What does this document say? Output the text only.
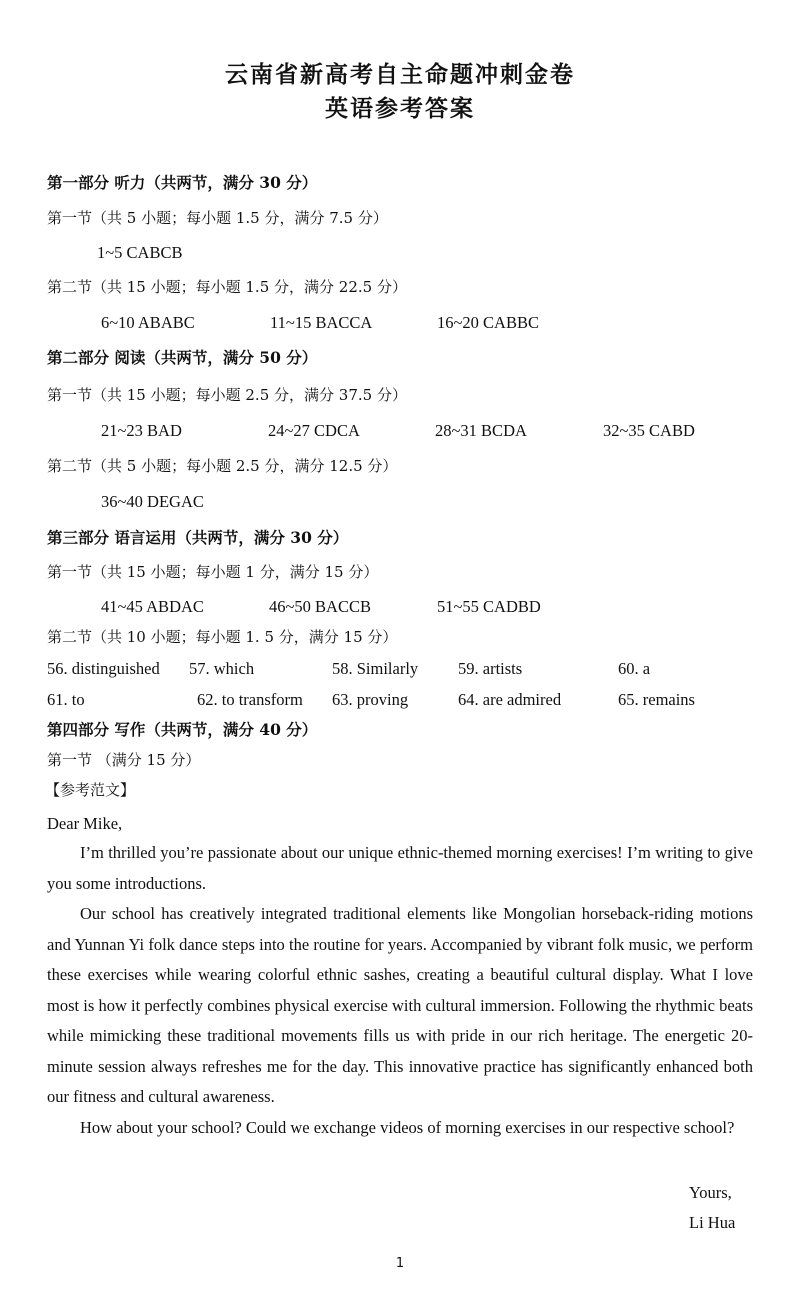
云南省新高考自主命题冲刺金卷
英语参考答案
第一部分 听力（共两节，满分 30 分）
第一节（共 5 小题；每小题 1.5 分，满分 7.5 分）
1~5 CABCB
第二节（共 15 小题；每小题 1.5 分，满分 22.5 分）
6~10 ABABC	11~15 BACCA	16~20 CABBC
第二部分 阅读（共两节，满分 50 分）
第一节（共 15 小题；每小题 2.5 分，满分 37.5 分）
21~23 BAD	24~27 CDCA	28~31 BCDA	32~35 CABD
第二节（共 5 小题；每小题 2.5 分，满分 12.5 分）
36~40 DEGAC
第三部分 语言运用（共两节，满分 30 分）
第一节（共 15 小题；每小题 1 分，满分 15 分）
41~45 ABDAC	46~50 BACCB	51~55 CADBD
第二节（共 10 小题；每小题 1. 5 分，满分 15 分）
56. distinguished 57. which	58. Similarly 59. artists	60. a
61. to	62. to transform 63. proving	64. are admired	65. remains
第四部分 写作（共两节，满分 40 分）
第一节 （满分 15 分）
【参考范文】
Dear Mike,

I’m thrilled you’re passionate about our unique ethnic-themed morning exercises! I’m writing to give you some introductions.

Our school has creatively integrated traditional elements like Mongolian horseback-riding motions and Yunnan Yi folk dance steps into the routine for years. Accompanied by vibrant folk music, we perform these exercises while wearing colorful ethnic sashes, creating a beautiful cultural display. What I love most is how it perfectly combines physical exercise with cultural immersion. Following the rhythmic beats while mimicking these traditional movements fills us with pride in our rich heritage. The energetic 20-minute session always refreshes me for the day. This innovative practice has significantly enhanced both our fitness and cultural awareness.

How about your school? Could we exchange videos of morning exercises in our respective school?

Yours,
Li Hua
1
